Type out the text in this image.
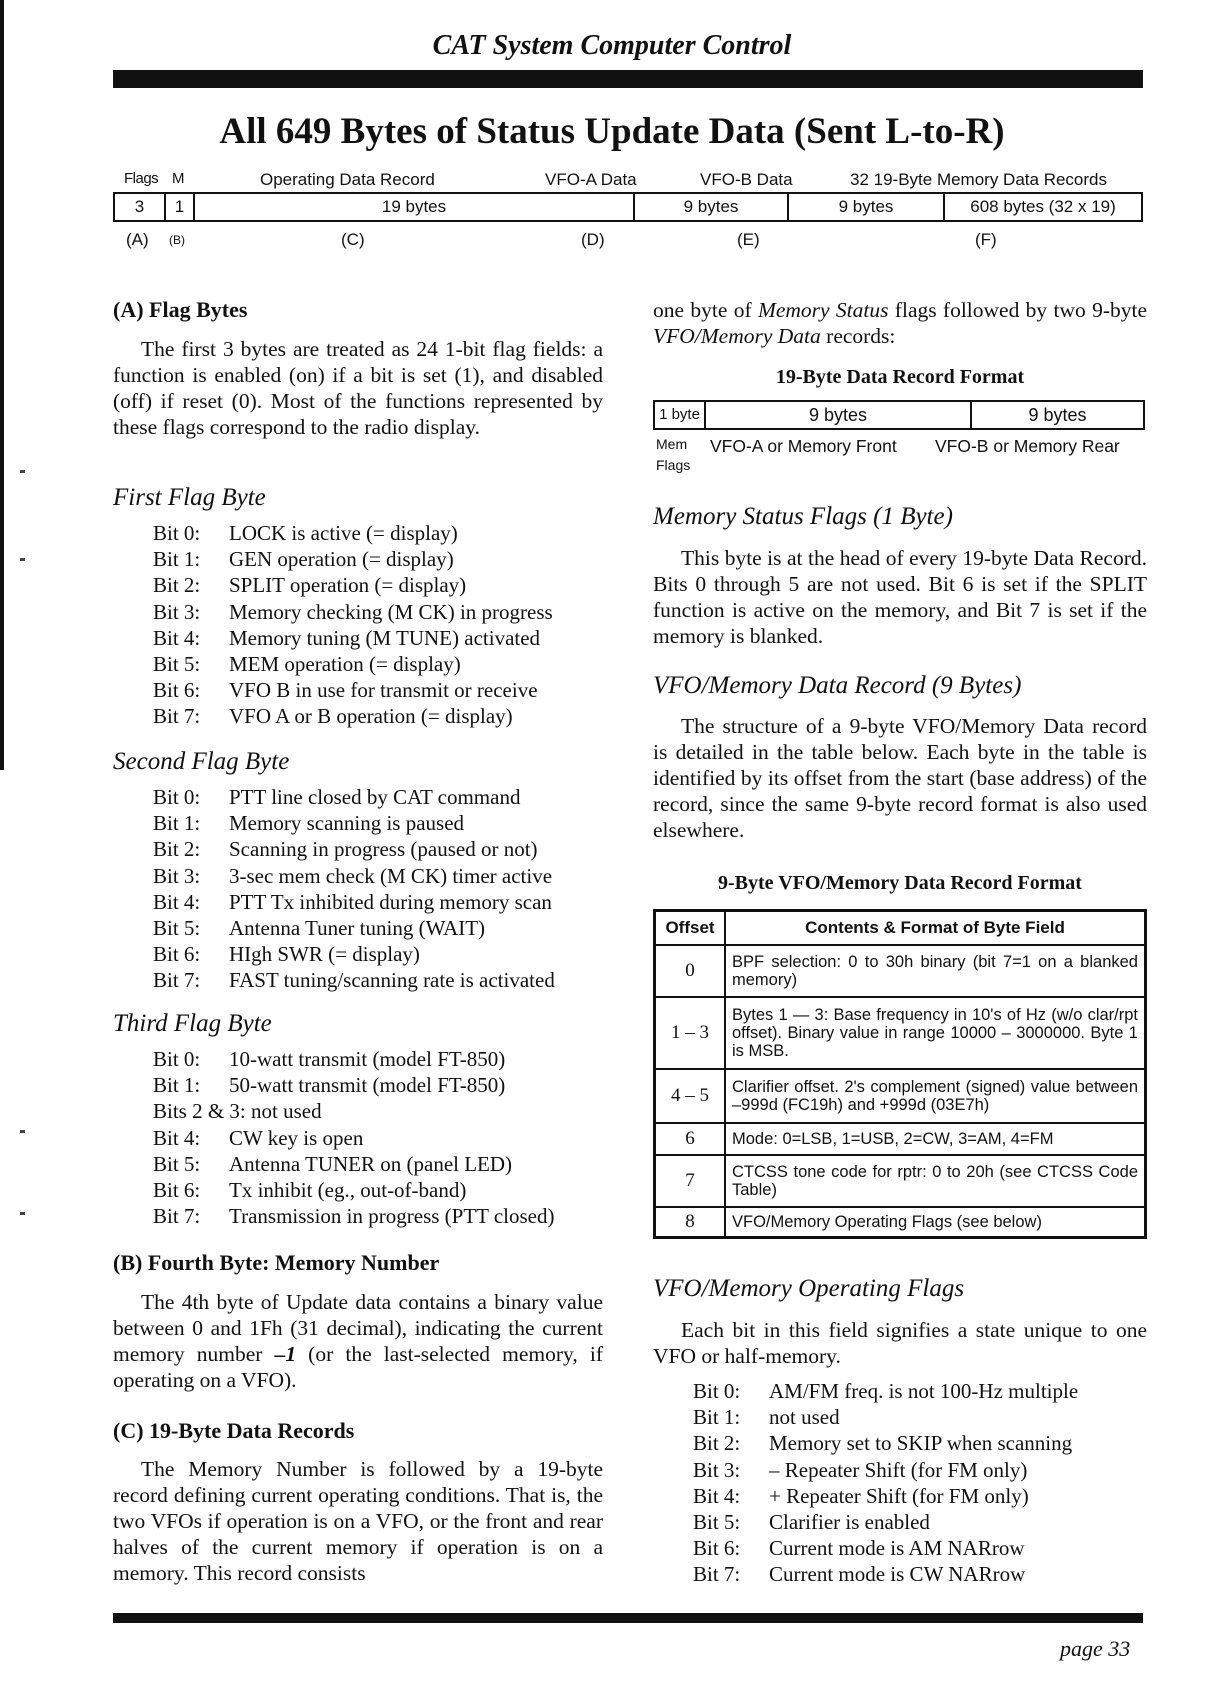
CAT System Computer Control
All 649 Bytes of Status Update Data (Sent L-to-R)
Flags M	Operating Data Record	VFO-A Data	VFO-B Data	32 19-Byte Memory Data Records
3	1	19 bytes	9 bytes	9 bytes	608 bytes (32 x 19)
(A) (B)	(C)	(D)	(E)	(F)
(A) Flag Bytes
The first 3 bytes are treated as 24 1-bit flag fields: a function is enabled (on) if a bit is set (1), and disabled (off) if reset (0). Most of the functions represented by these flags correspond to the radio display.
First Flag Byte
Bit 0:	LOCK is active (= display)
Bit 1:	GEN operation (= display)
Bit 2:	SPLIT operation (= display)
Bit 3:	Memory checking (M CK) in progress
Bit 4:	Memory tuning (M TUNE) activated
Bit 5:	MEM operation (= display)
Bit 6:	VFO B in use for transmit or receive
Bit 7:	VFO A or B operation (= display)
Second Flag Byte
Bit 0:	PTT line closed by CAT command
Bit 1:	Memory scanning is paused
Bit 2:	Scanning in progress (paused or not)
Bit 3:	3-sec mem check (M CK) timer active
Bit 4:	PTT Tx inhibited during memory scan
Bit 5:	Antenna Tuner tuning (WAIT)
Bit 6:	HIgh SWR (= display)
Bit 7:	FAST tuning/scanning rate is activated
Third Flag Byte
Bit 0:	10-watt transmit (model FT-850)
Bit 1:	50-watt transmit (model FT-850)
Bits 2 & 3: not used
Bit 4:	CW key is open
Bit 5:	Antenna TUNER on (panel LED)
Bit 6:	Tx inhibit (eg., out-of-band)
Bit 7:	Transmission in progress (PTT closed)
(B) Fourth Byte: Memory Number
The 4th byte of Update data contains a binary value between 0 and 1Fh (31 decimal), indicating the current memory number –1 (or the last-selected memory, if operating on a VFO).
(C) 19-Byte Data Records
The Memory Number is followed by a 19-byte record defining current operating conditions. That is, the two VFOs if operation is on a VFO, or the front and rear halves of the current memory if operation is on a memory. This record consists
one byte of Memory Status flags followed by two 9-byte VFO/Memory Data records:
19-Byte Data Record Format
1 byte	9 bytes	9 bytes
Mem
Flags
VFO-A or Memory Front VFO-B or Memory Rear
Memory Status Flags (1 Byte)
This byte is at the head of every 19-byte Data Record. Bits 0 through 5 are not used. Bit 6 is set if the SPLIT function is active on the memory, and Bit 7 is set if the memory is blanked.
VFO/Memory Data Record (9 Bytes)
The structure of a 9-byte VFO/Memory Data record is detailed in the table below. Each byte in the table is identified by its offset from the start (base address) of the record, since the same 9-byte record format is also used elsewhere.
9-Byte VFO/Memory Data Record Format
Offset	Contents & Format of Byte Field
0	BPF selection: 0 to 30h binary (bit 7=1 on a blanked memory)
1 – 3	Bytes 1 — 3: Base frequency in 10's of Hz (w/o clar/rpt offset). Binary value in range 10000 – 3000000. Byte 1 is MSB.
4 – 5	Clarifier offset. 2's complement (signed) value between –999d (FC19h) and +999d (03E7h)
6	Mode: 0=LSB, 1=USB, 2=CW, 3=AM, 4=FM
7	CTCSS tone code for rptr: 0 to 20h (see CTCSS Code Table)
8	VFO/Memory Operating Flags (see below)
VFO/Memory Operating Flags
Each bit in this field signifies a state unique to one VFO or half-memory.
Bit 0:	AM/FM freq. is not 100-Hz multiple
Bit 1:	not used
Bit 2:	Memory set to SKIP when scanning
Bit 3:	– Repeater Shift (for FM only)
Bit 4:	+ Repeater Shift (for FM only)
Bit 5:	Clarifier is enabled
Bit 6:	Current mode is AM NARrow
Bit 7:	Current mode is CW NARrow
page 33
